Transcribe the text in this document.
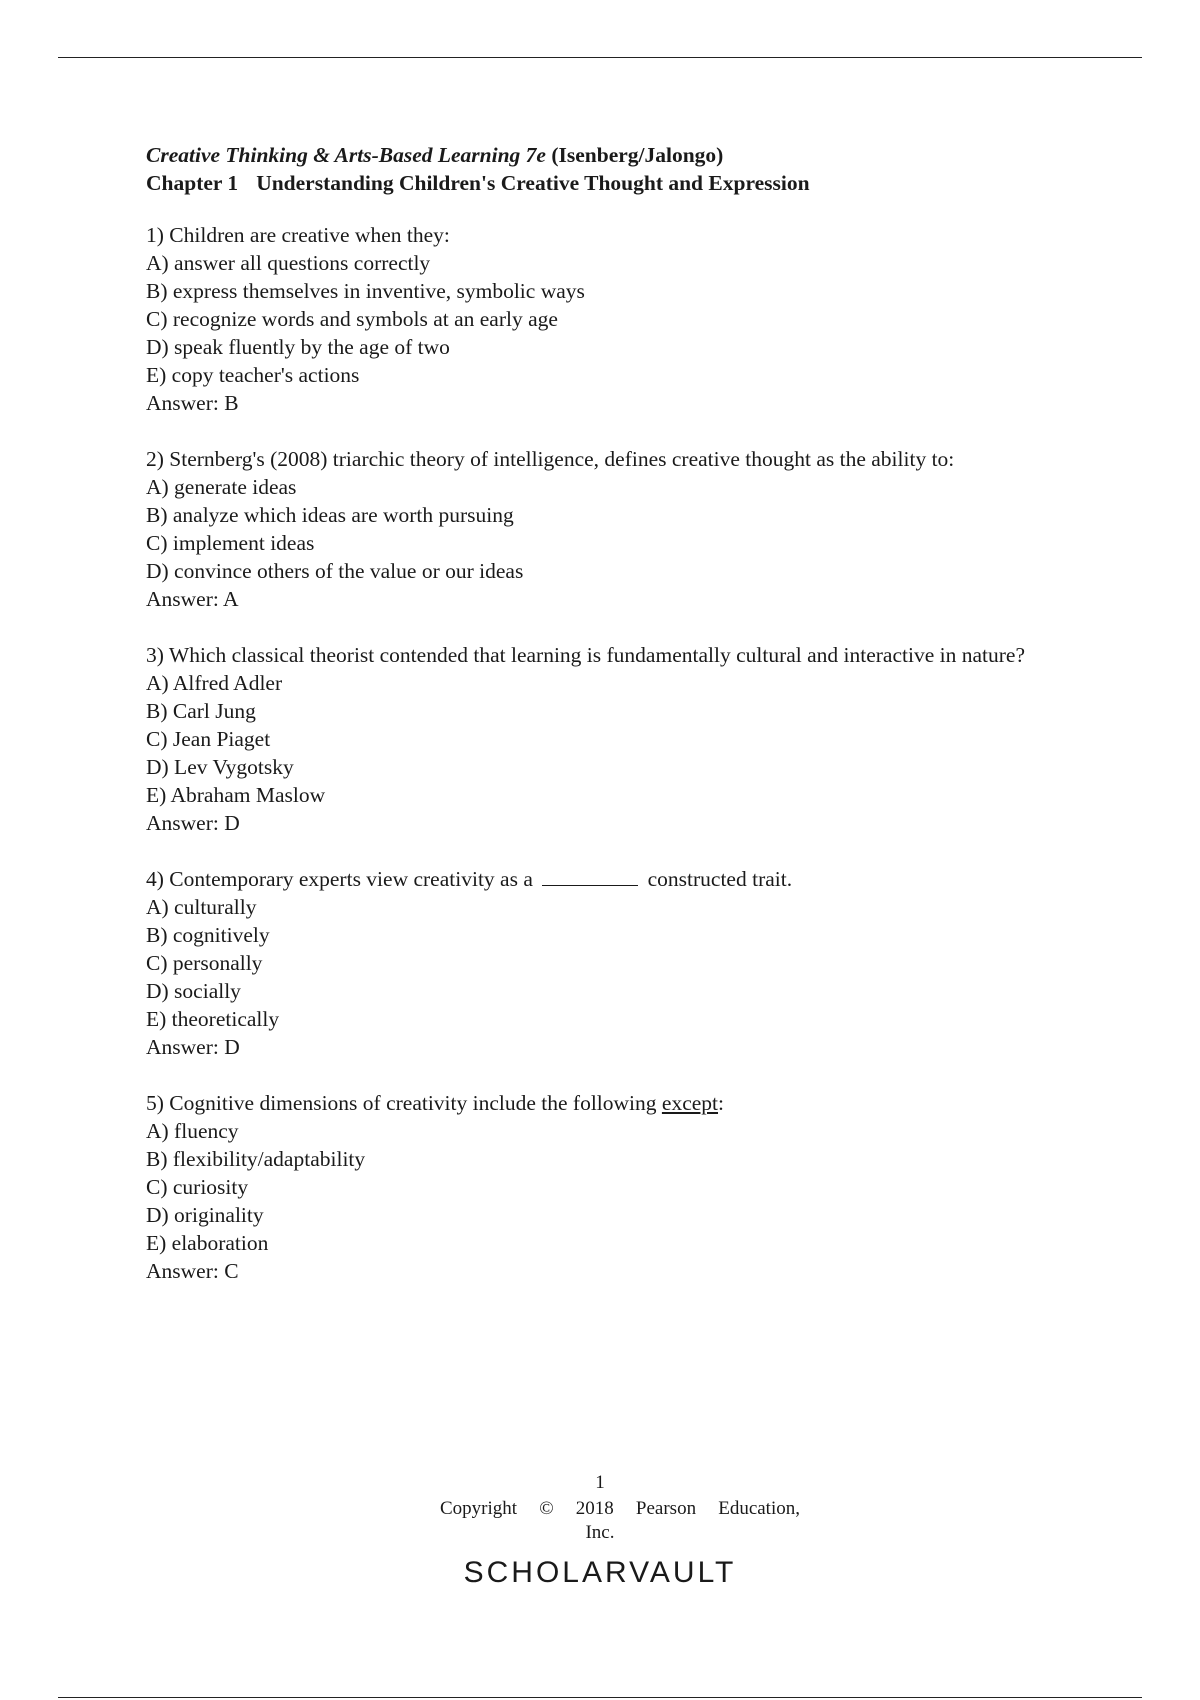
Creative Thinking & Arts-Based Learning 7e (Isenberg/Jalongo)
Chapter 1 Understanding Children's Creative Thought and Expression
1) Children are creative when they:
A) answer all questions correctly
B) express themselves in inventive, symbolic ways
C) recognize words and symbols at an early age
D) speak fluently by the age of two
E) copy teacher's actions
Answer: B
2) Sternberg's (2008) triarchic theory of intelligence, defines creative thought as the ability to:
A) generate ideas
B) analyze which ideas are worth pursuing
C) implement ideas
D) convince others of the value or our ideas
Answer: A
3) Which classical theorist contended that learning is fundamentally cultural and interactive in nature?
A) Alfred Adler
B) Carl Jung
C) Jean Piaget
D) Lev Vygotsky
E) Abraham Maslow
Answer: D
4) Contemporary experts view creativity as a	constructed trait.
A) culturally
B) cognitively
C) personally
D) socially
E) theoretically
Answer: D
5) Cognitive dimensions of creativity include the following except:
A) fluency
B) flexibility/adaptability
C) curiosity
D) originality
E) elaboration
Answer: C
1
Copyright © 2018 Pearson Education,
Inc.
SCHOLARVAULT
